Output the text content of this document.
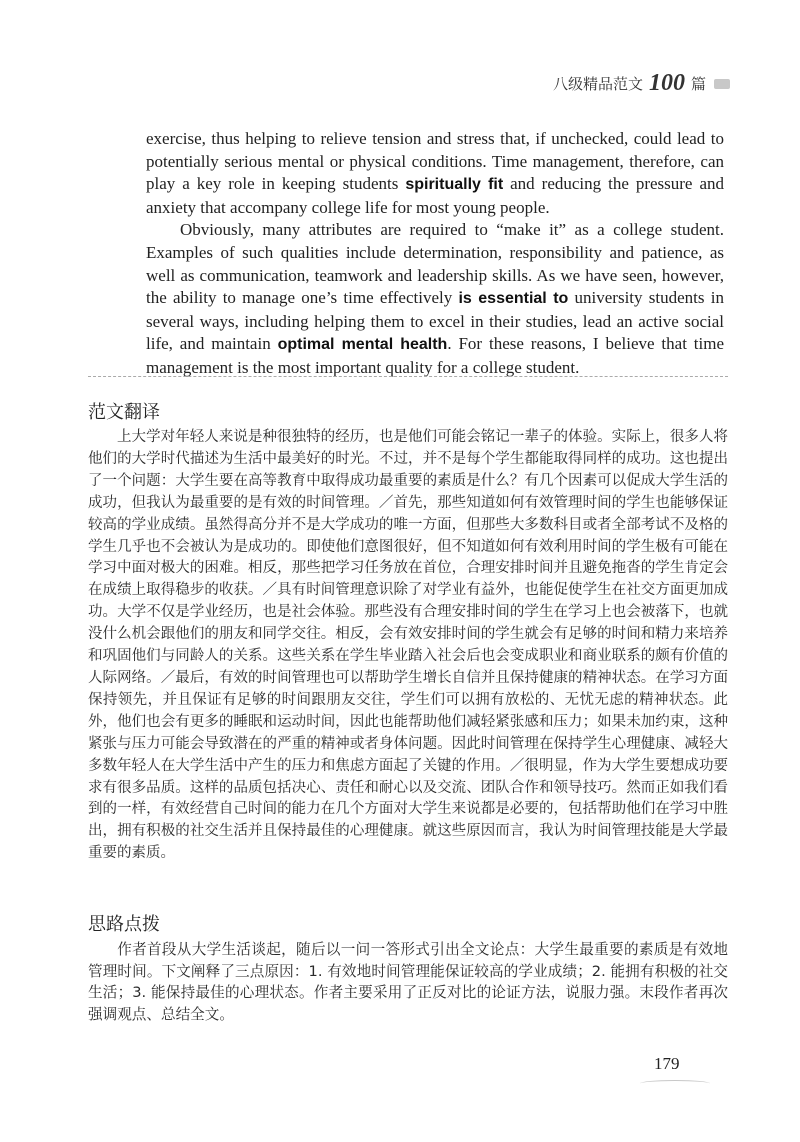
八级精品范文 100 篇

exercise, thus helping to relieve tension and stress that, if unchecked, could lead to potentially serious mental or physical conditions. Time management, therefore, can play a key role in keeping students spiritually fit and reducing the pressure and anxiety that accompany college life for most young people.

Obviously, many attributes are required to “make it” as a college student. Examples of such qualities include determination, responsibility and patience, as well as communication, teamwork and leadership skills. As we have seen, however, the ability to manage one’s time effectively is essential to university students in several ways, including helping them to excel in their studies, lead an active social life, and maintain optimal mental health. For these reasons, I believe that time management is the most important quality for a college student.

范文翻译

上大学对年轻人来说是种很独特的经历，也是他们可能会铭记一辈子的体验。实际上，很多人将他们的大学时代描述为生活中最美好的时光。不过，并不是每个学生都能取得同样的成功。这也提出了一个问题：大学生要在高等教育中取得成功最重要的素质是什么？有几个因素可以促成大学生活的成功，但我认为最重要的是有效的时间管理。／首先，那些知道如何有效管理时间的学生也能够保证较高的学业成绩。虽然得高分并不是大学成功的唯一方面，但那些大多数科目或者全部考试不及格的学生几乎也不会被认为是成功的。即使他们意图很好，但不知道如何有效利用时间的学生极有可能在学习中面对极大的困难。相反，那些把学习任务放在首位，合理安排时间并且避免拖沓的学生肯定会在成绩上取得稳步的收获。／具有时间管理意识除了对学业有益外，也能促使学生在社交方面更加成功。大学不仅是学业经历，也是社会体验。那些没有合理安排时间的学生在学习上也会被落下，也就没什么机会跟他们的朋友和同学交往。相反，会有效安排时间的学生就会有足够的时间和精力来培养和巩固他们与同龄人的关系。这些关系在学生毕业踏入社会后也会变成职业和商业联系的颇有价值的人际网络。／最后，有效的时间管理也可以帮助学生增长自信并且保持健康的精神状态。在学习方面保持领先，并且保证有足够的时间跟朋友交往，学生们可以拥有放松的、无忧无虑的精神状态。此外，他们也会有更多的睡眠和运动时间，因此也能帮助他们减轻紧张感和压力；如果未加约束，这种紧张与压力可能会导致潜在的严重的精神或者身体问题。因此时间管理在保持学生心理健康、减轻大多数年轻人在大学生活中产生的压力和焦虑方面起了关键的作用。／很明显，作为大学生要想成功要求有很多品质。这样的品质包括决心、责任和耐心以及交流、团队合作和领导技巧。然而正如我们看到的一样，有效经营自己时间的能力在几个方面对大学生来说都是必要的，包括帮助他们在学习中胜出，拥有积极的社交生活并且保持最佳的心理健康。就这些原因而言，我认为时间管理技能是大学最重要的素质。

思路点拨

作者首段从大学生活谈起，随后以一问一答形式引出全文论点：大学生最重要的素质是有效地管理时间。下文阐释了三点原因：1. 有效地时间管理能保证较高的学业成绩；2. 能拥有积极的社交生活；3. 能保持最佳的心理状态。作者主要采用了正反对比的论证方法，说服力强。末段作者再次强调观点、总结全文。

179
